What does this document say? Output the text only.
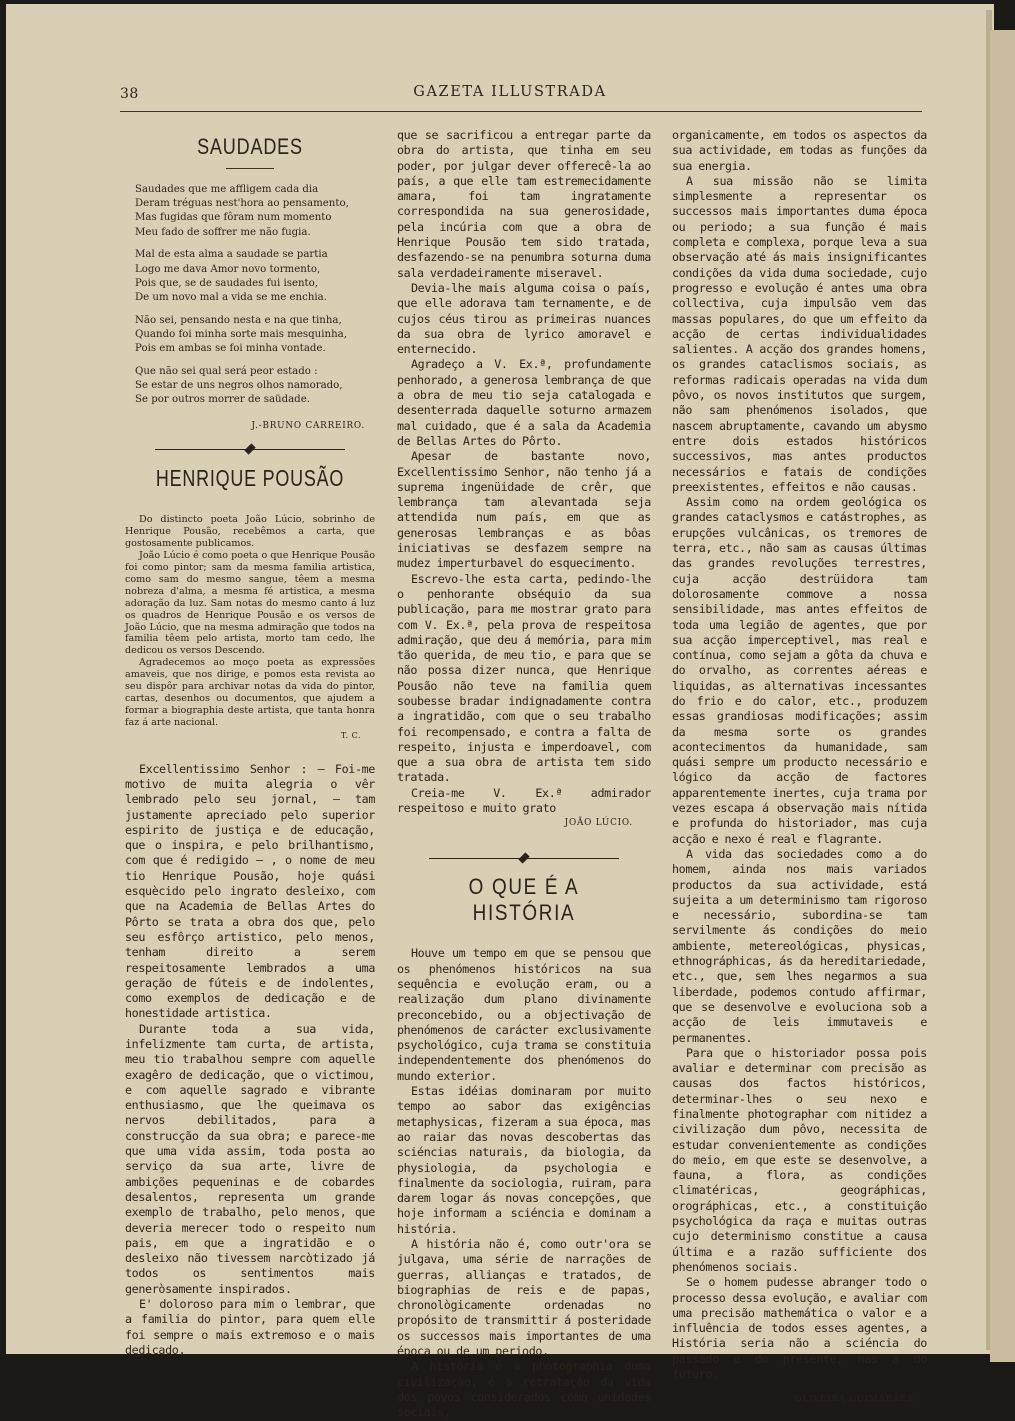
38	GAZETA ILLUSTRADA
SAUDADES
Saudades que me affligem cada dia
Deram tréguas nest'hora ao pensamento,
Mas fugidas que fôram num momento
Meu fado de soffrer me não fugia.
Mal de esta alma a saudade se partia
Logo me dava Amor novo tormento,
Pois que, se de saudades fui isento,
De um novo mal a vida se me enchia.
Não sei, pensando nesta e na que tinha,
Quando foi minha sorte mais mesquinha,
Pois em ambas se foi minha vontade.
Que não sei qual será peor estado :
Se estar de uns negros olhos namorado,
Se por outros morrer de saüdade.
J.-BRUNO CARREIRO.
HENRIQUE POUSÃO

Do distincto poeta João Lúcio, sobrinho de Henrique Pousão, recebêmos a carta, que gostosamente publicamos.

João Lúcio é como poeta o que Henrique Pousão foi como pintor; sam da mesma familia artistica, como sam do mesmo sangue, têem a mesma nobreza d'alma, a mesma fé artistica, a mesma adoração da luz. Sam notas do mesmo canto á luz os quadros de Henrique Pousão e os versos de João Lúcio, que na mesma admiração que todos na familia têem pelo artista, morto tam cedo, lhe dedicou os versos Descendo.

Agradecemos ao moço poeta as expressões amaveis, que nos dirige, e pomos esta revista ao seu dispôr para archivar notas da vida do pintor, cartas, desenhos ou documentos, que ajudem a formar a biographia deste artista, que tanta honra faz á arte nacional.

T. C.

Excellentissimo Senhor : — Foi-me motivo de muita alegria o vêr lembrado pelo seu jornal, — tam justamente apreciado pelo superior espirito de justiça e de educação, que o inspira, e pelo brilhantismo, com que é redigido — , o nome de meu tio Henrique Pousão, hoje quási esquècido pelo ingrato desleixo, com que na Academia de Bellas Artes do Pôrto se trata a obra dos que, pelo seu esfôrço artistico, pelo menos, tenham direito a serem respeitosamente lembrados a uma geração de fúteis e de indolentes, como exemplos de dedicação e de honestidade artistica.

Durante toda a sua vida, infelizmente tam curta, de artista, meu tio trabalhou sempre com aquelle exagêro de dedicação, que o victimou, e com aquelle sagrado e vibrante enthusiasmo, que lhe queimava os nervos debilitados, para a construcção da sua obra; e parece-me que uma vida assim, toda posta ao serviço da sua arte, livre de ambições pequeninas e de cobardes desalentos, representa um grande exemplo de trabalho, pelo menos, que deveria merecer todo o respeito num pais, em que a ingratidão e o desleixo não tivessem narcòtizado já todos os sentimentos mais generòsamente inspirados.

E' doloroso para mim o lembrar, que a familia do pintor, para quem elle foi sempre o mais extremoso e o mais dedicado,

que se sacrificou a entregar parte da obra do artista, que tinha em seu poder, por julgar dever offerecê-la ao país, a que elle tam estremecidamente amara, foi tam ingratamente correspondida na sua generosidade, pela incúria com que a obra de Henrique Pousão tem sido tratada, desfazendo-se na penumbra soturna duma sala verdadeiramente miseravel.

Devia-lhe mais alguma coisa o país, que elle adorava tam ternamente, e de cujos céus tirou as primeiras nuances da sua obra de lyrico amoravel e enternecido.

Agradeço a V. Ex.ª, profundamente penhorado, a generosa lembrança de que a obra de meu tio seja catalogada e desenterrada daquelle soturno armazem mal cuidado, que é a sala da Academia de Bellas Artes do Pôrto.

Apesar de bastante novo, Excellentissimo Senhor, não tenho já a suprema ingenüidade de crêr, que lembrança tam alevantada seja attendida num país, em que as generosas lembranças e as bôas iniciativas se desfazem sempre na mudez imperturbavel do esquecimento.

Escrevo-lhe esta carta, pedindo-lhe o penhorante obséquio da sua publicação, para me mostrar grato para com V. Ex.ª, pela prova de respeitosa admiração, que deu á memória, para mim tão querida, de meu tio, e para que se não possa dizer nunca, que Henrique Pousão não teve na familia quem soubesse bradar indignadamente contra a ingratidão, com que o seu trabalho foi recompensado, e contra a falta de respeito, injusta e imperdoavel, com que a sua obra de artista tem sido tratada.

Creia-me V. Ex.ª admirador respeitoso e muito grato

JOÃO LÚCIO.
O QUE É A HISTÓRIA

Houve um tempo em que se pensou que os phenómenos históricos na sua sequência e evolução eram, ou a realização dum plano divinamente preconcebido, ou a objectivação de phenómenos de carácter exclusivamente psychológico, cuja trama se constituia independentemente dos phenómenos do mundo exterior.

Estas idéias dominaram por muito tempo ao sabor das exigências metaphysicas, fizeram a sua época, mas ao raiar das novas descobertas das sciéncias naturais, da biologia, da physiologia, da psychologia e finalmente da sociologia, ruiram, para darem logar ás novas concepções, que hoje informam a sciéncia e dominam a história.

A história não é, como outr'ora se julgava, uma série de narrações de guerras, allianças e tratados, de biographias de reis e de papas, chronològicamente ordenadas no propósito de transmittir á posteridade os successos mais importantes de uma época ou de um periodo.

A história é a photographia duma civilização, é a retratação da vida dos povos considerados como unidades sociais,

organicamente, em todos os aspectos da sua actividade, em todas as funções da sua energia.

A sua missão não se limita simplesmente a representar os successos mais importantes duma época ou periodo; a sua função é mais completa e complexa, porque leva a sua observação até ás mais insignificantes condições da vida duma sociedade, cujo progresso e evolução é antes uma obra collectiva, cuja impulsão vem das massas populares, do que um effeito da acção de certas individualidades salientes. A acção dos grandes homens, os grandes cataclismos sociais, as reformas radicais operadas na vida dum pôvo, os novos institutos que surgem, não sam phenómenos isolados, que nascem abruptamente, cavando um abysmo entre dois estados históricos successivos, mas antes productos necessários e fatais de condições preexistentes, effeitos e não causas.

Assim como na ordem geológica os grandes cataclysmos e catástrophes, as erupções vulcânicas, os tremores de terra, etc., não sam as causas últimas das grandes revoluções terrestres, cuja acção destrüidora tam dolorosamente commove a nossa sensibilidade, mas antes effeitos de toda uma legião de agentes, que por sua acção imperceptivel, mas real e contínua, como sejam a gôta da chuva e do orvalho, as correntes aéreas e liquidas, as alternativas incessantes do frio e do calor, etc., produzem essas grandiosas modificações; assim da mesma sorte os grandes acontecimentos da humanidade, sam quási sempre um producto necessário e lógico da acção de factores apparentemente inertes, cuja trama por vezes escapa á observação mais nítida e profunda do historiador, mas cuja acção e nexo é real e flagrante.

A vida das sociedades como a do homem, ainda nos mais variados productos da sua actividade, está sujeita a um determinismo tam rigoroso e necessário, subordina-se tam servilmente ás condições do meio ambiente, metereológicas, physicas, ethnográphicas, ás da hereditariedade, etc., que, sem lhes negarmos a sua liberdade, podemos contudo affirmar, que se desenvolve e evoluciona sob a acção de leis immutaveis e permanentes.

Para que o historiador possa pois avaliar e determinar com precisão as causas dos factos históricos, determinar-lhes o seu nexo e finalmente photographar com nitidez a civilização dum pôvo, necessita de estudar convenientemente as condições do meio, em que este se desenvolve, a fauna, a flora, as condições climatéricas, geográphicas, orográphicas, etc., a constituição psychológica da raça e muitas outras cujo determinismo constitue a causa última e a razão sufficiente dos phenómenos sociais.

Se o homem pudesse abranger todo o processo dessa evolução, e avaliar com uma precisão mathemática o valor e a influência de todos esses agentes, a História seria não a sciéncia do passado e do presente, mas a do futuro.

OLIVEIRA GUIMARÃES.
